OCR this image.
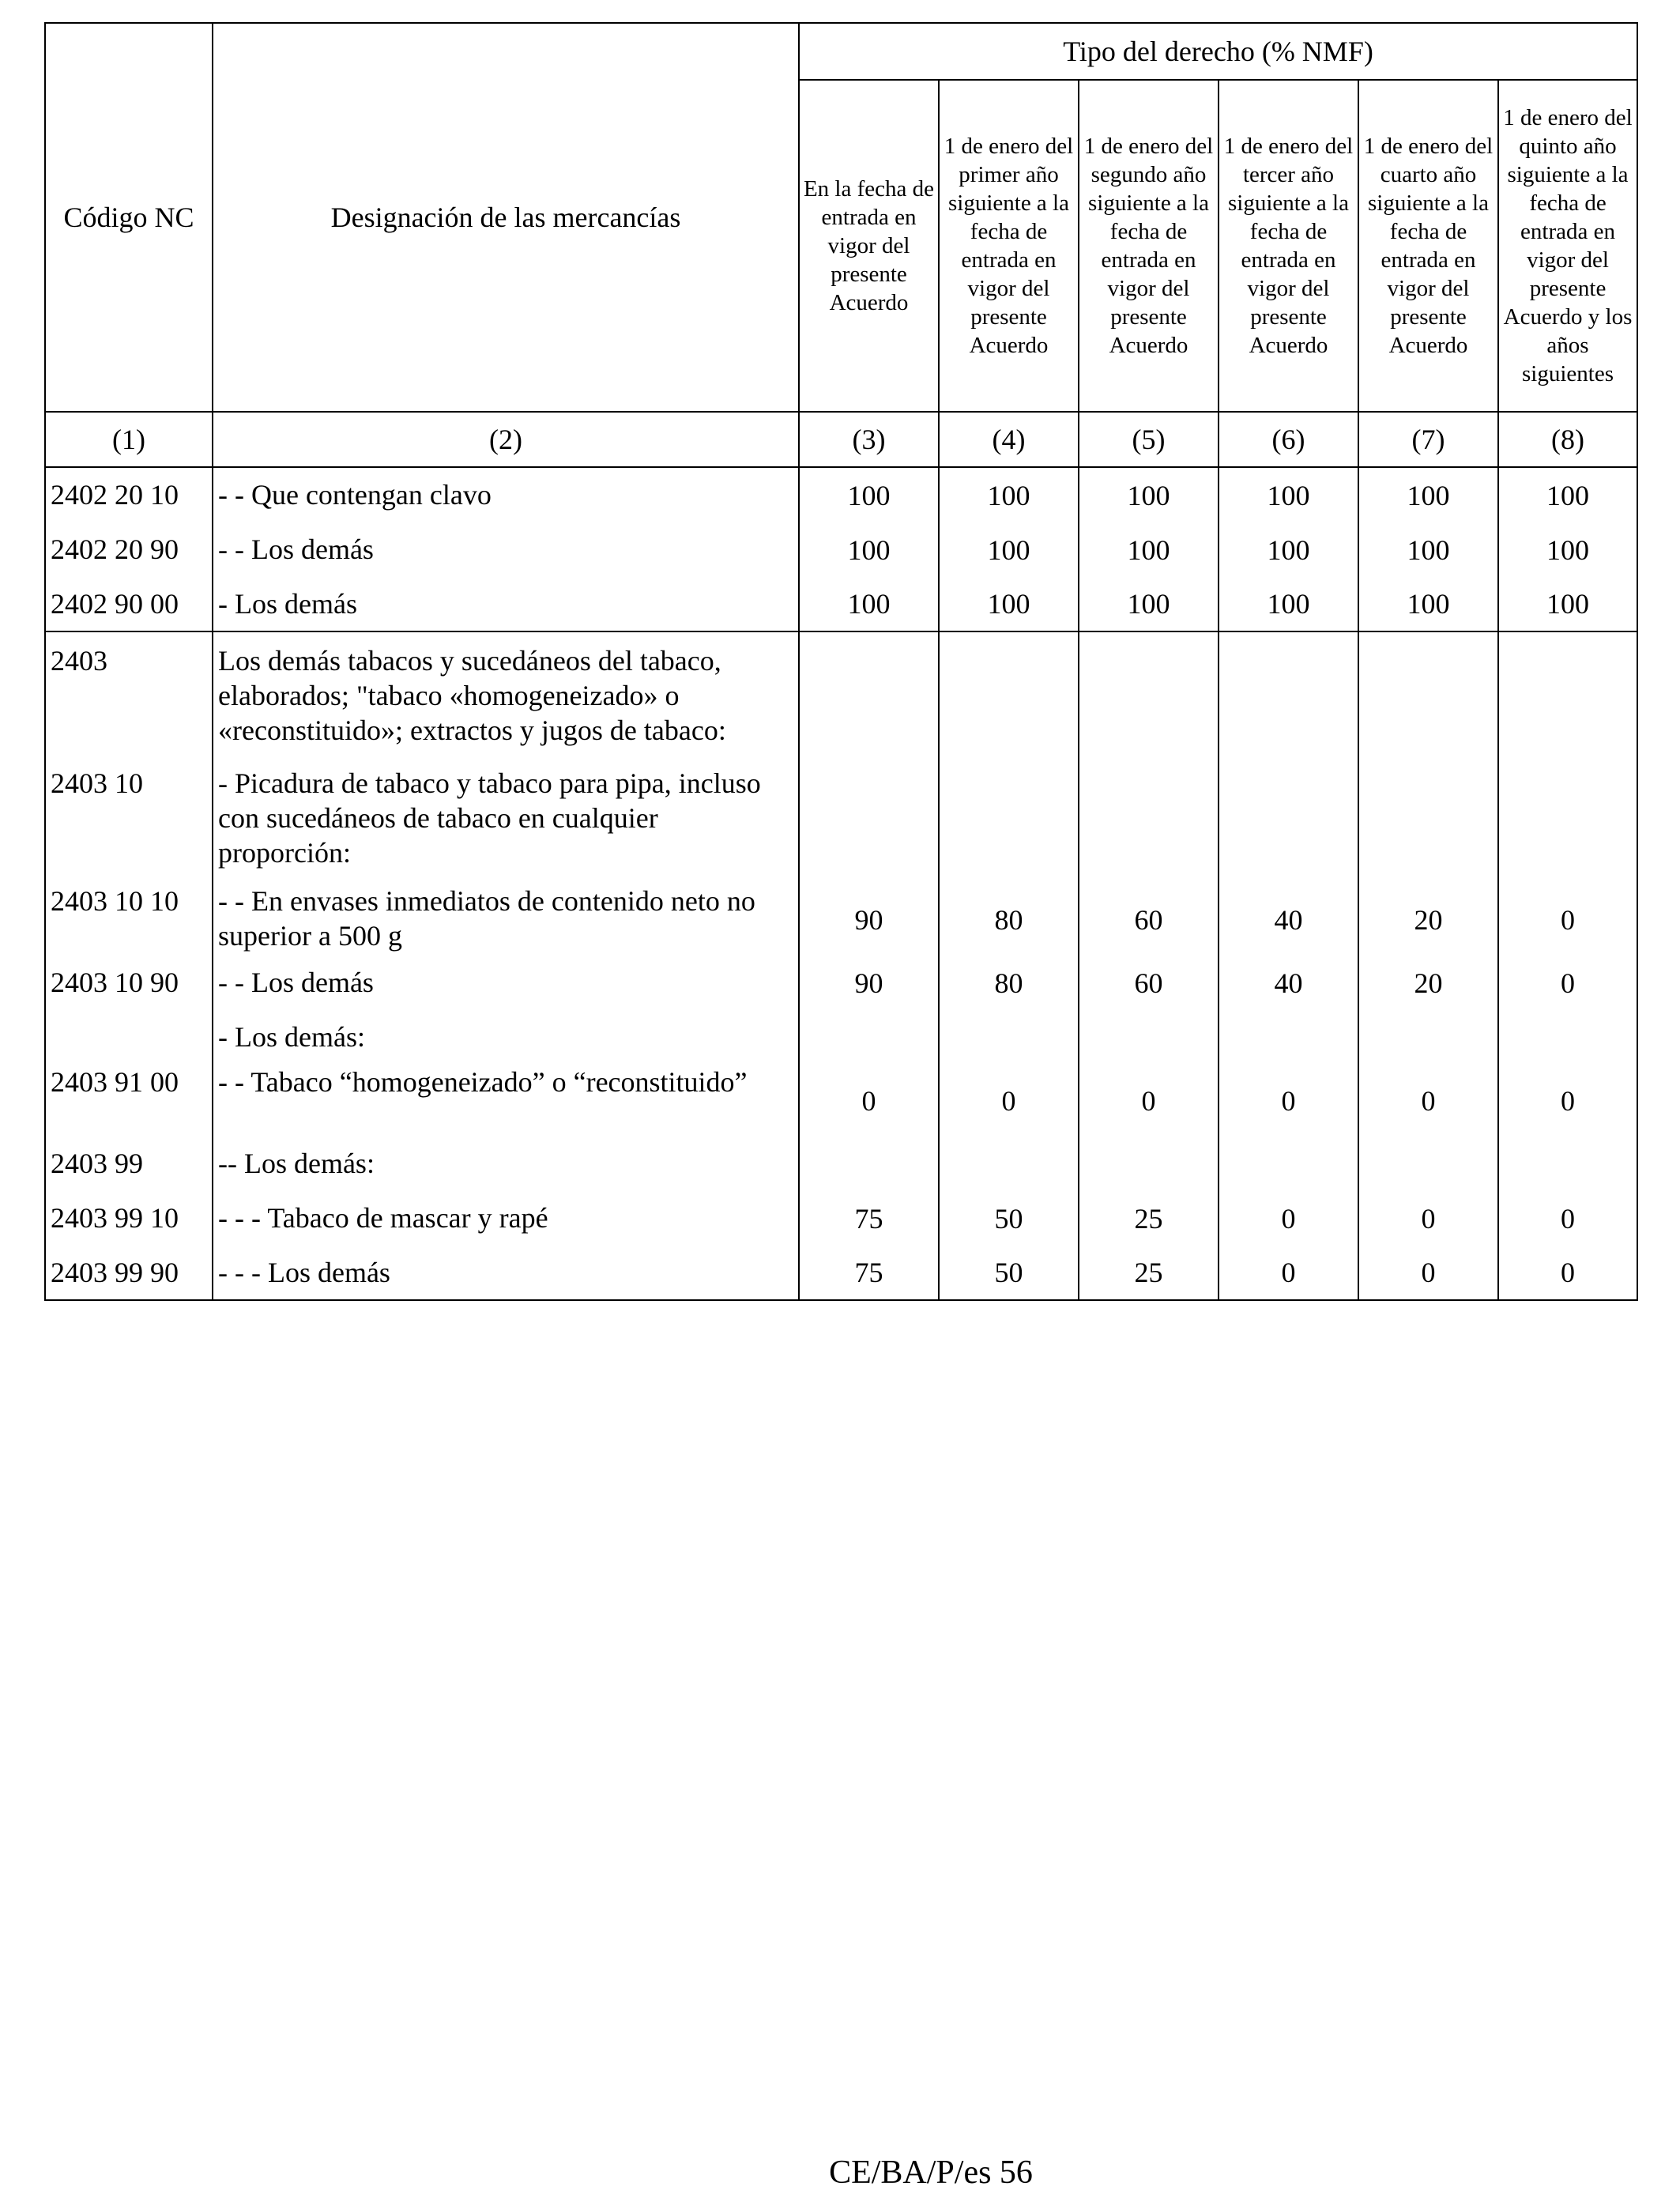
Código NC	Designación de las mercancías	Tipo del derecho (% NMF)					
		En la fecha de entrada en vigor del presente Acuerdo	1 de enero del primer año siguiente a la fecha de entrada en vigor del presente Acuerdo	1 de enero del segundo año siguiente a la fecha de entrada en vigor del presente Acuerdo	1 de enero del tercer año siguiente a la fecha de entrada en vigor del presente Acuerdo	1 de enero del cuarto año siguiente a la fecha de entrada en vigor del presente Acuerdo	1 de enero del quinto año siguiente a la fecha de entrada en vigor del presente Acuerdo y los años siguientes
(1)	(2)	(3)	(4)	(5)	(6)	(7)	(8)
2402 20 10	- - Que contengan clavo	100	100	100	100	100	100
2402 20 90	- - Los demás	100	100	100	100	100	100
2402 90 00	- Los demás	100	100	100	100	100	100
2403	Los demás tabacos y sucedáneos del tabaco, elaborados; "tabaco «homogeneizado» o «reconstituido»; extractos y jugos de tabaco:						
2403 10	- Picadura de tabaco y tabaco para pipa, incluso con sucedáneos de tabaco en cualquier proporción:						
2403 10 10	- - En envases inmediatos de contenido neto no superior a 500 g	90	80	60	40	20	0
2403 10 90	- - Los demás	90	80	60	40	20	0
	- Los demás:						
2403 91 00	- - Tabaco “homogeneizado” o “reconstituido”	0	0	0	0	0	0
2403 99	-- Los demás:						
2403 99 10	- - - Tabaco de mascar y rapé	75	50	25	0	0	0
2403 99 90	- - - Los demás	75	50	25	0	0	0
CE/BA/P/es 56
